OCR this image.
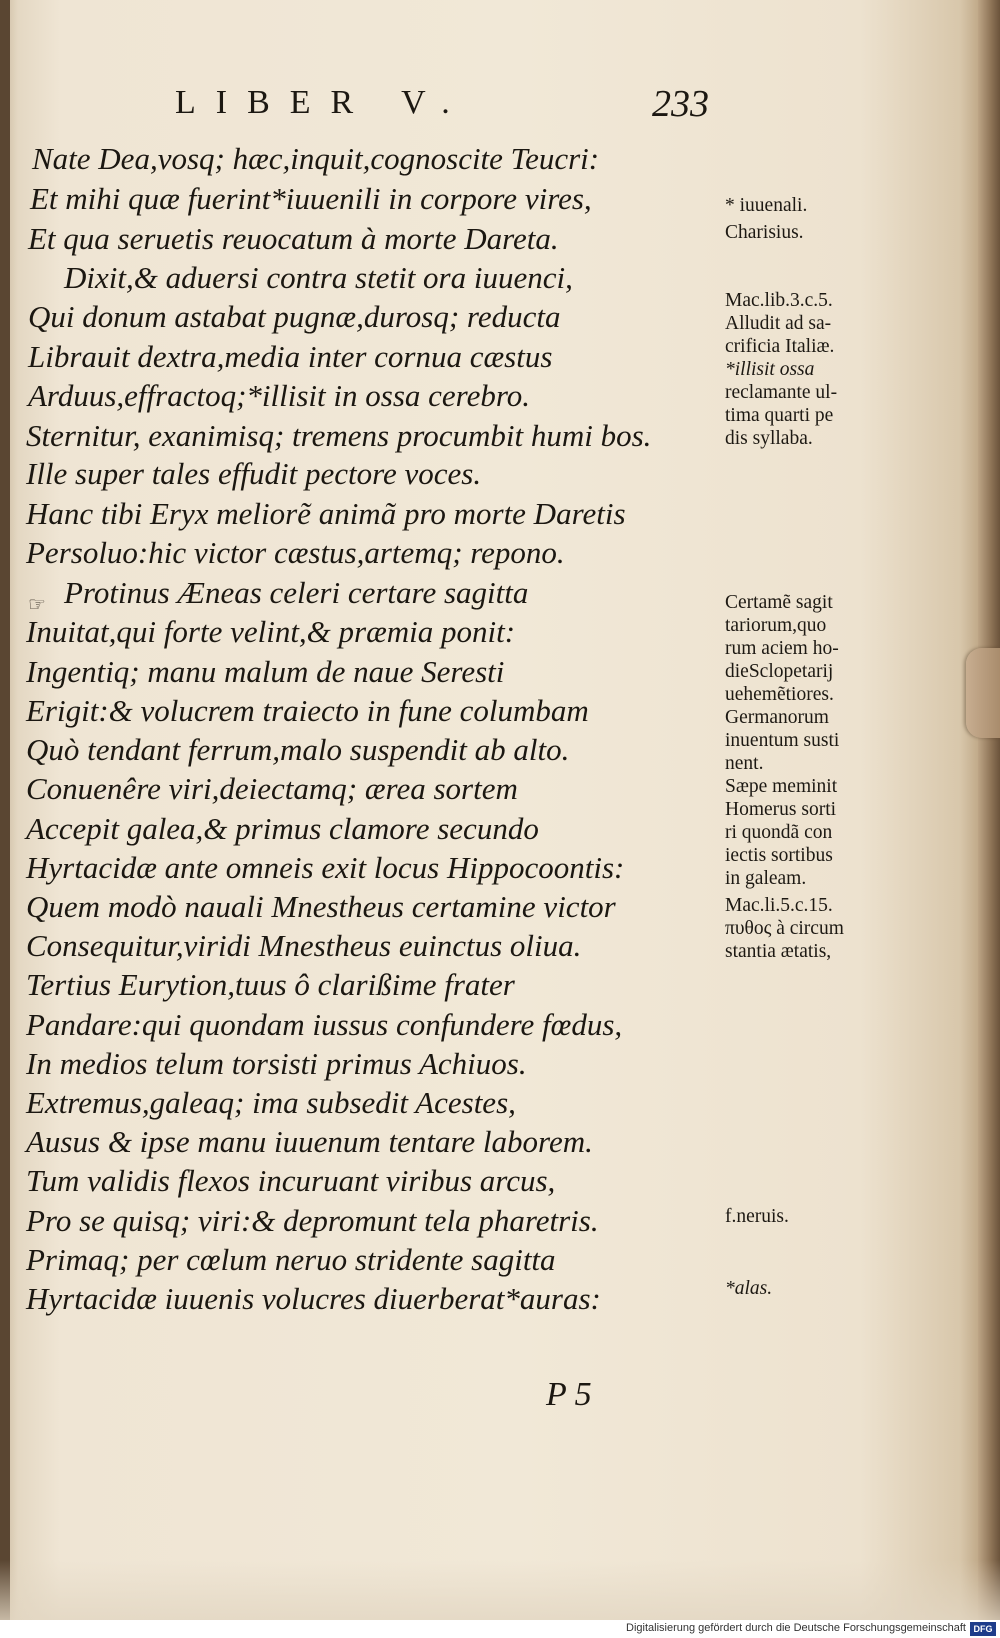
LIBER V.	233
Nate Dea,vosq; hæc,inquit,cognoscite Teucri:
Et mihi quæ fuerint*iuuenili in corpore vires,
Et qua seruetis reuocatum à morte Dareta.
Dixit,& aduersi contra stetit ora iuuenci,
Qui donum astabat pugnæ,durosq; reducta
Librauit dextra,media inter cornua cæstus
Arduus,effractoq;*illisit in ossa cerebro.
Sternitur, exanimisq; tremens procumbit humi bos.
Ille super tales effudit pectore voces.
Hanc tibi Eryx meliorẽ animã pro morte Daretis
Persoluo:hic victor cæstus,artemq; repono.
Protinus Æneas celeri certare sagitta
Inuitat,qui forte velint,& præmia ponit:
Ingentiq; manu malum de naue Seresti
Erigit:& volucrem traiecto in fune columbam
Quò tendant ferrum,malo suspendit ab alto.
Conuenêre viri,deiectamq; ærea sortem
Accepit galea,& primus clamore secundo
Hyrtacidæ ante omneis exit locus Hippocoontis:
Quem modò nauali Mnestheus certamine victor
Consequitur,viridi Mnestheus euinctus oliua.
Tertius Eurytion,tuus ô clarißime frater
Pandare:qui quondam iussus confundere fœdus,
In medios telum torsisti primus Achiuos.
Extremus,galeaq; ima subsedit Acestes,
Ausus & ipse manu iuuenum tentare laborem.
Tum validis flexos incuruant viribus arcus,
Pro se quisq; viri:& depromunt tela pharetris.
Primaq; per cœlum neruo stridente sagitta
Hyrtacidæ iuuenis volucres diuerberat*auras:
☞
* iuuenali.
Charisius.
Mac.lib.3.c.5.
Alludit ad sa-
crificia Italiæ.
*illisit ossa
reclamante ul-
tima quarti pe
dis syllaba.
Certamẽ sagit
tariorum,quo
rum aciem ho-
dieSclopetarij
uehemẽtiores.
Germanorum
inuentum susti
nent.
Sæpe meminit
Homerus sorti
ri quondã con
iectis sortibus
in galeam.
Mac.li.5.c.15.
πυθος à circum
stantia ætatis,
f.neruis.
*alas.
P 5
Digitalisierung gefördert durch die Deutsche Forschungsgemeinschaft DFG
